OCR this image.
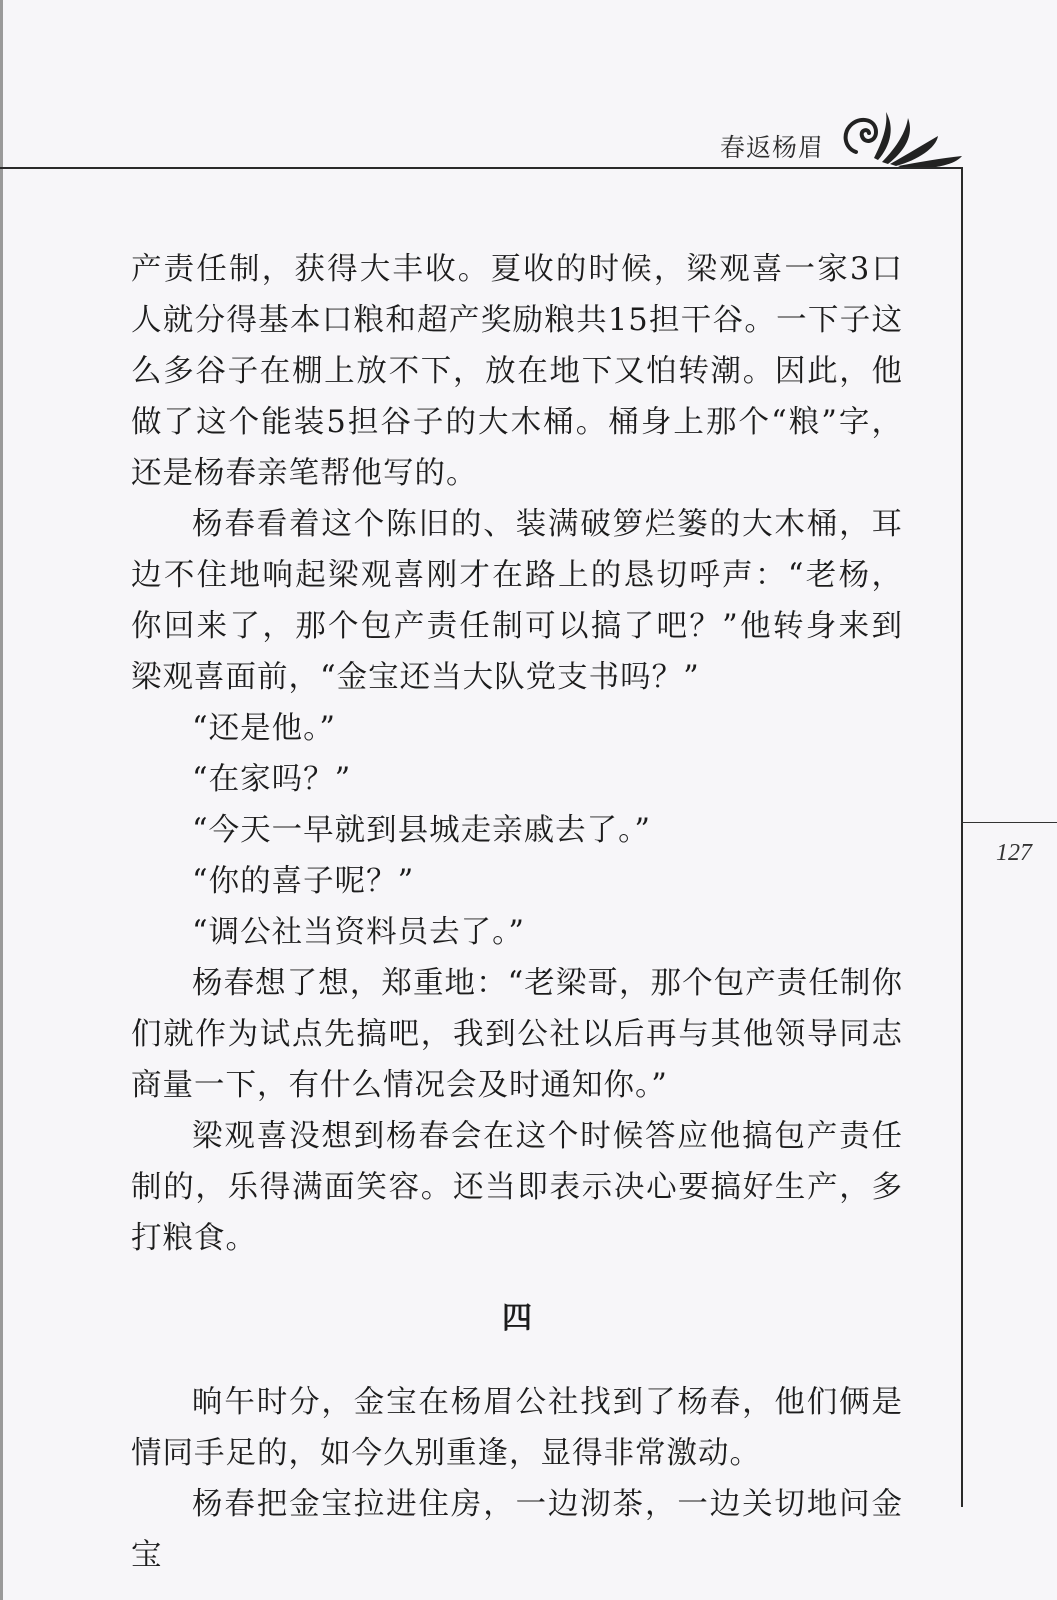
春返杨眉
127

产责任制，获得大丰收。夏收的时候，梁观喜一家3口人就分得基本口粮和超产奖励粮共15担干谷。一下子这么多谷子在棚上放不下，放在地下又怕转潮。因此，他做了这个能装5担谷子的大木桶。桶身上那个“粮”字，还是杨春亲笔帮他写的。

杨春看着这个陈旧的、装满破箩烂篓的大木桶，耳边不住地响起梁观喜刚才在路上的恳切呼声：“老杨，你回来了，那个包产责任制可以搞了吧？”他转身来到梁观喜面前，“金宝还当大队党支书吗？”

“还是他。”

“在家吗？”

“今天一早就到县城走亲戚去了。”

“你的喜子呢？”

“调公社当资料员去了。”

杨春想了想，郑重地：“老梁哥，那个包产责任制你们就作为试点先搞吧，我到公社以后再与其他领导同志商量一下，有什么情况会及时通知你。”

梁观喜没想到杨春会在这个时候答应他搞包产责任制的，乐得满面笑容。还当即表示决心要搞好生产，多打粮食。

四

晌午时分，金宝在杨眉公社找到了杨春，他们俩是情同手足的，如今久别重逢，显得非常激动。

杨春把金宝拉进住房，一边沏茶，一边关切地问金宝
